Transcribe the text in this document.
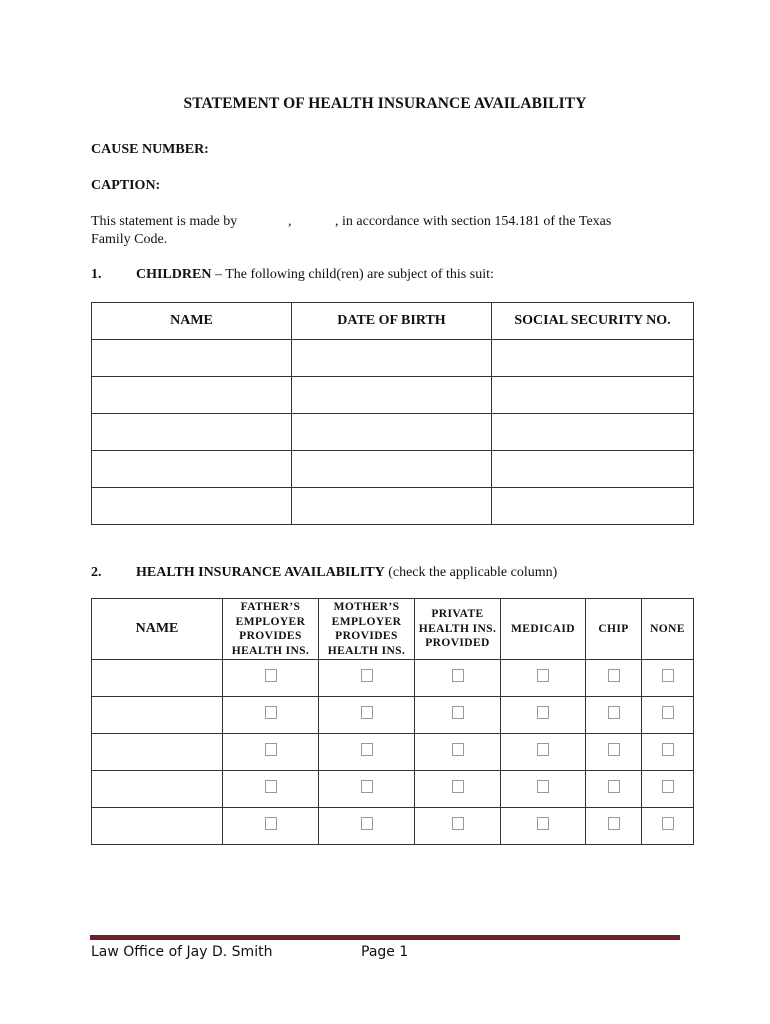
STATEMENT OF HEALTH INSURANCE AVAILABILITY
CAUSE NUMBER:
CAPTION:
This statement is made by	,	, in accordance with section 154.181 of the Texas
Family Code.
1. CHILDREN – The following child(ren) are subject of this suit:
NAME	DATE OF BIRTH	SOCIAL SECURITY NO.

2. HEALTH INSURANCE AVAILABILITY (check the applicable column)
NAME	FATHER’S EMPLOYER PROVIDES HEALTH INS.	MOTHER’S EMPLOYER PROVIDES HEALTH INS.	PRIVATE HEALTH INS. PROVIDED	MEDICAID	CHIP	NONE

Law Office of Jay D. Smith	Page 1
